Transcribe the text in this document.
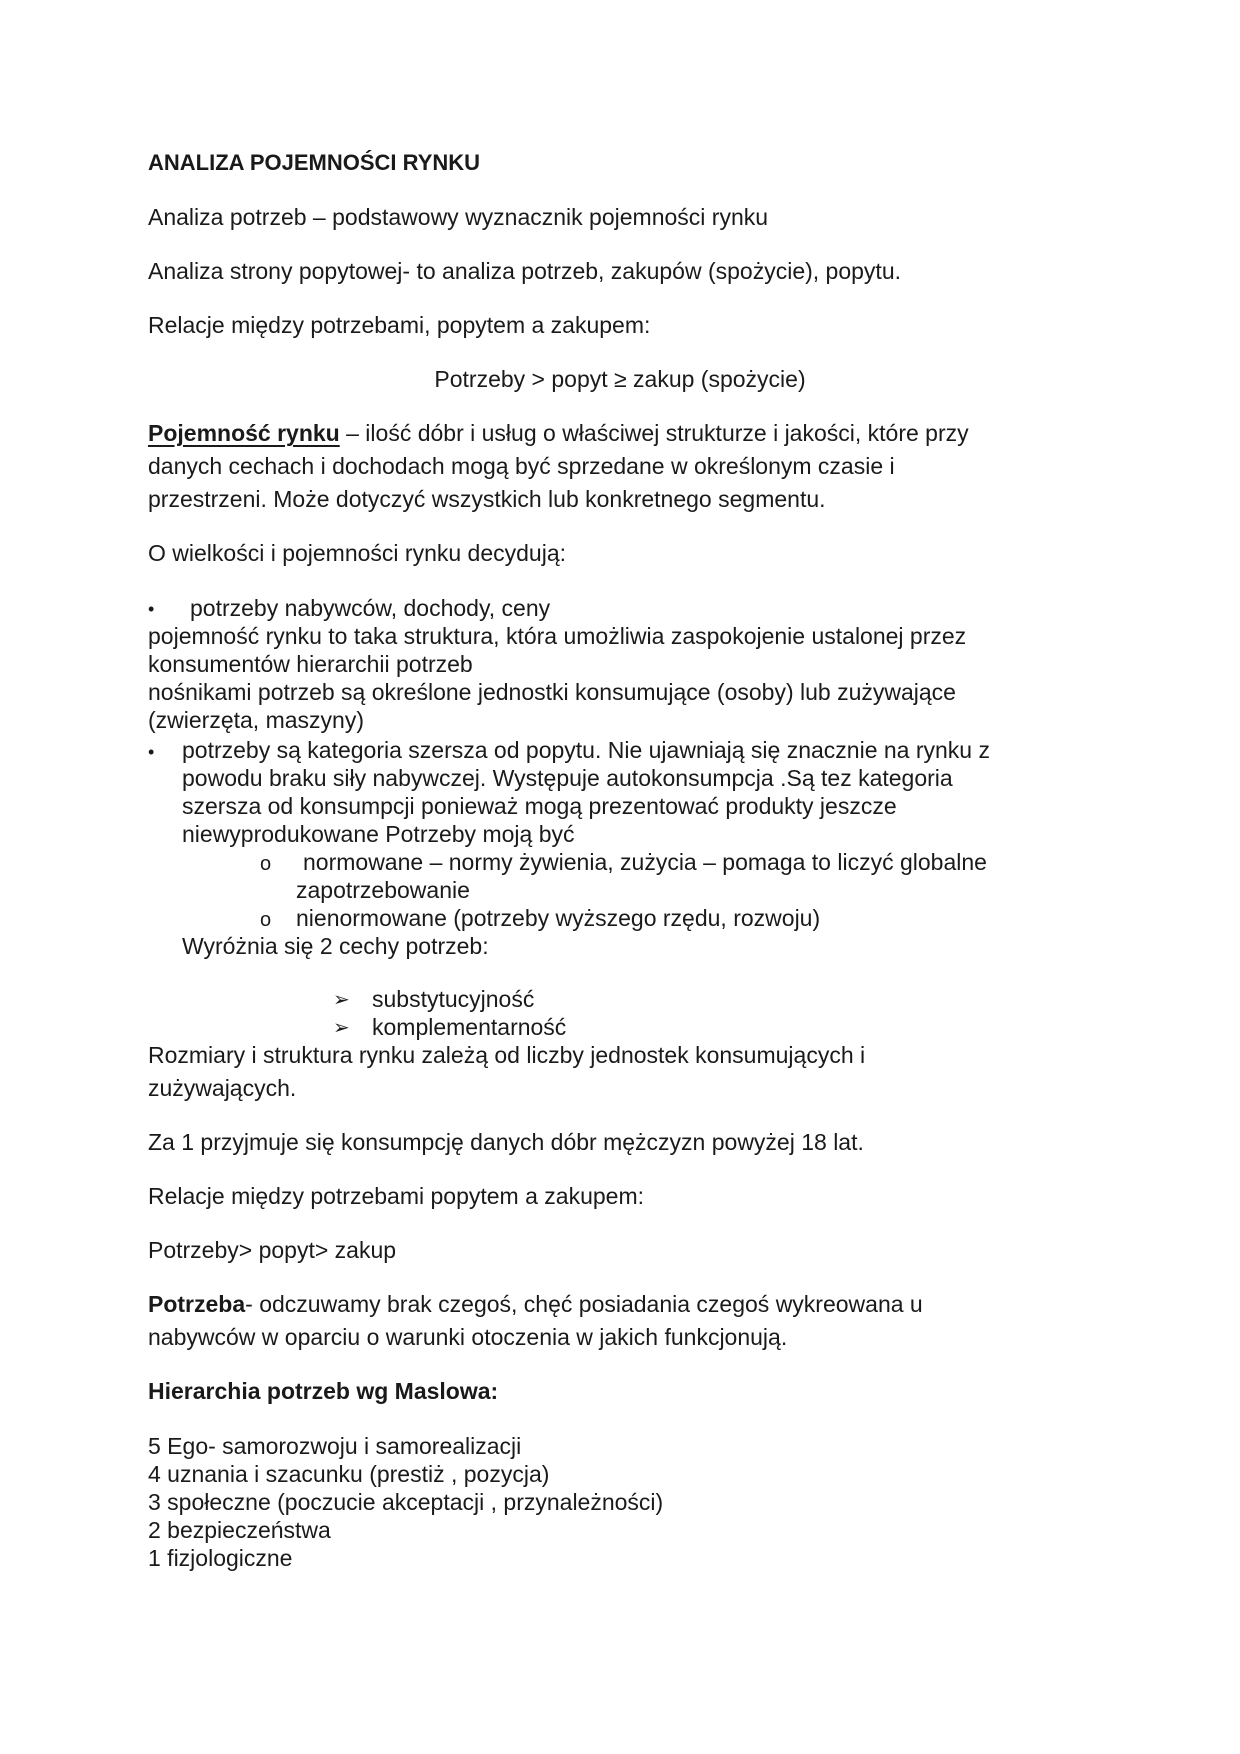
ANALIZA POJEMNOŚCI RYNKU
Analiza potrzeb – podstawowy wyznacznik pojemności rynku
Analiza strony popytowej- to analiza potrzeb, zakupów (spożycie), popytu.
Relacje między potrzebami, popytem a zakupem:
Potrzeby > popyt ≥ zakup (spożycie)
Pojemność rynku – ilość dóbr i usług o właściwej strukturze i jakości, które przy
danych cechach i dochodach mogą być sprzedane w określonym czasie i
przestrzeni. Może dotyczyć wszystkich lub konkretnego segmentu.
O wielkości i pojemności rynku decydują:
• potrzeby nabywców, dochody, ceny
pojemność rynku to taka struktura, która umożliwia zaspokojenie ustalonej przez
konsumentów hierarchii potrzeb
nośnikami potrzeb są określone jednostki konsumujące (osoby) lub zużywające
(zwierzęta, maszyny)
• potrzeby są kategoria szersza od popytu. Nie ujawniają się znacznie na rynku z
powodu braku siły nabywczej. Występuje autokonsumpcja .Są tez kategoria
szersza od konsumpcji ponieważ mogą prezentować produkty jeszcze
niewyprodukowane Potrzeby moją być
o normowane – normy żywienia, zużycia – pomaga to liczyć globalne
zapotrzebowanie
o nienormowane (potrzeby wyższego rzędu, rozwoju)
Wyróżnia się 2 cechy potrzeb:
➢ substytucyjność
➢ komplementarność
Rozmiary i struktura rynku zależą od liczby jednostek konsumujących i
zużywających.
Za 1 przyjmuje się konsumpcję danych dóbr mężczyzn powyżej 18 lat.
Relacje między potrzebami popytem a zakupem:
Potrzeby> popyt> zakup
Potrzeba- odczuwamy brak czegoś, chęć posiadania czegoś wykreowana u
nabywców w oparciu o warunki otoczenia w jakich funkcjonują.
Hierarchia potrzeb wg Maslowa:
5 Ego- samorozwoju i samorealizacji
4 uznania i szacunku (prestiż , pozycja)
3 społeczne (poczucie akceptacji , przynależności)
2 bezpieczeństwa
1 fizjologiczne
